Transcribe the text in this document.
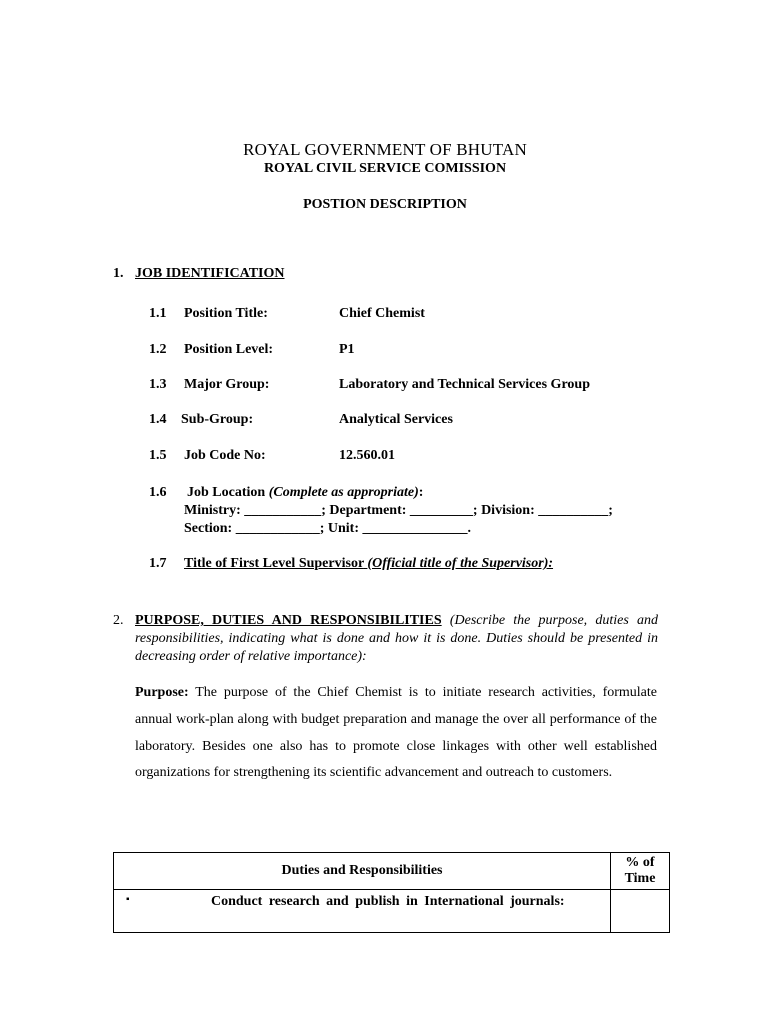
ROYAL GOVERNMENT OF BHUTAN
ROYAL CIVIL SERVICE COMISSION
POSTION DESCRIPTION
1. JOB IDENTIFICATION
1.1 Position Title:	Chief Chemist
1.2 Position Level:	P1
1.3 Major Group:	Laboratory and Technical Services Group
1.4 Sub-Group:	Analytical Services
1.5 Job Code No:	12.560.01
1.6 Job Location (Complete as appropriate):
Ministry: ___________; Department: _________; Division: __________;
Section: ____________; Unit: _______________.
1.7 Title of First Level Supervisor (Official title of the Supervisor):
2. PURPOSE, DUTIES AND RESPONSIBILITIES (Describe the purpose, duties and responsibilities, indicating what is done and how it is done. Duties should be presented in decreasing order of relative importance):
Purpose: The purpose of the Chief Chemist is to initiate research activities, formulate annual work-plan along with budget preparation and manage the over all performance of the laboratory. Besides one also has to promote close linkages with other well established organizations for strengthening its scientific advancement and outreach to customers.
Duties and Responsibilities	% of
Time

▪ Conduct research and publish in International journals:	
